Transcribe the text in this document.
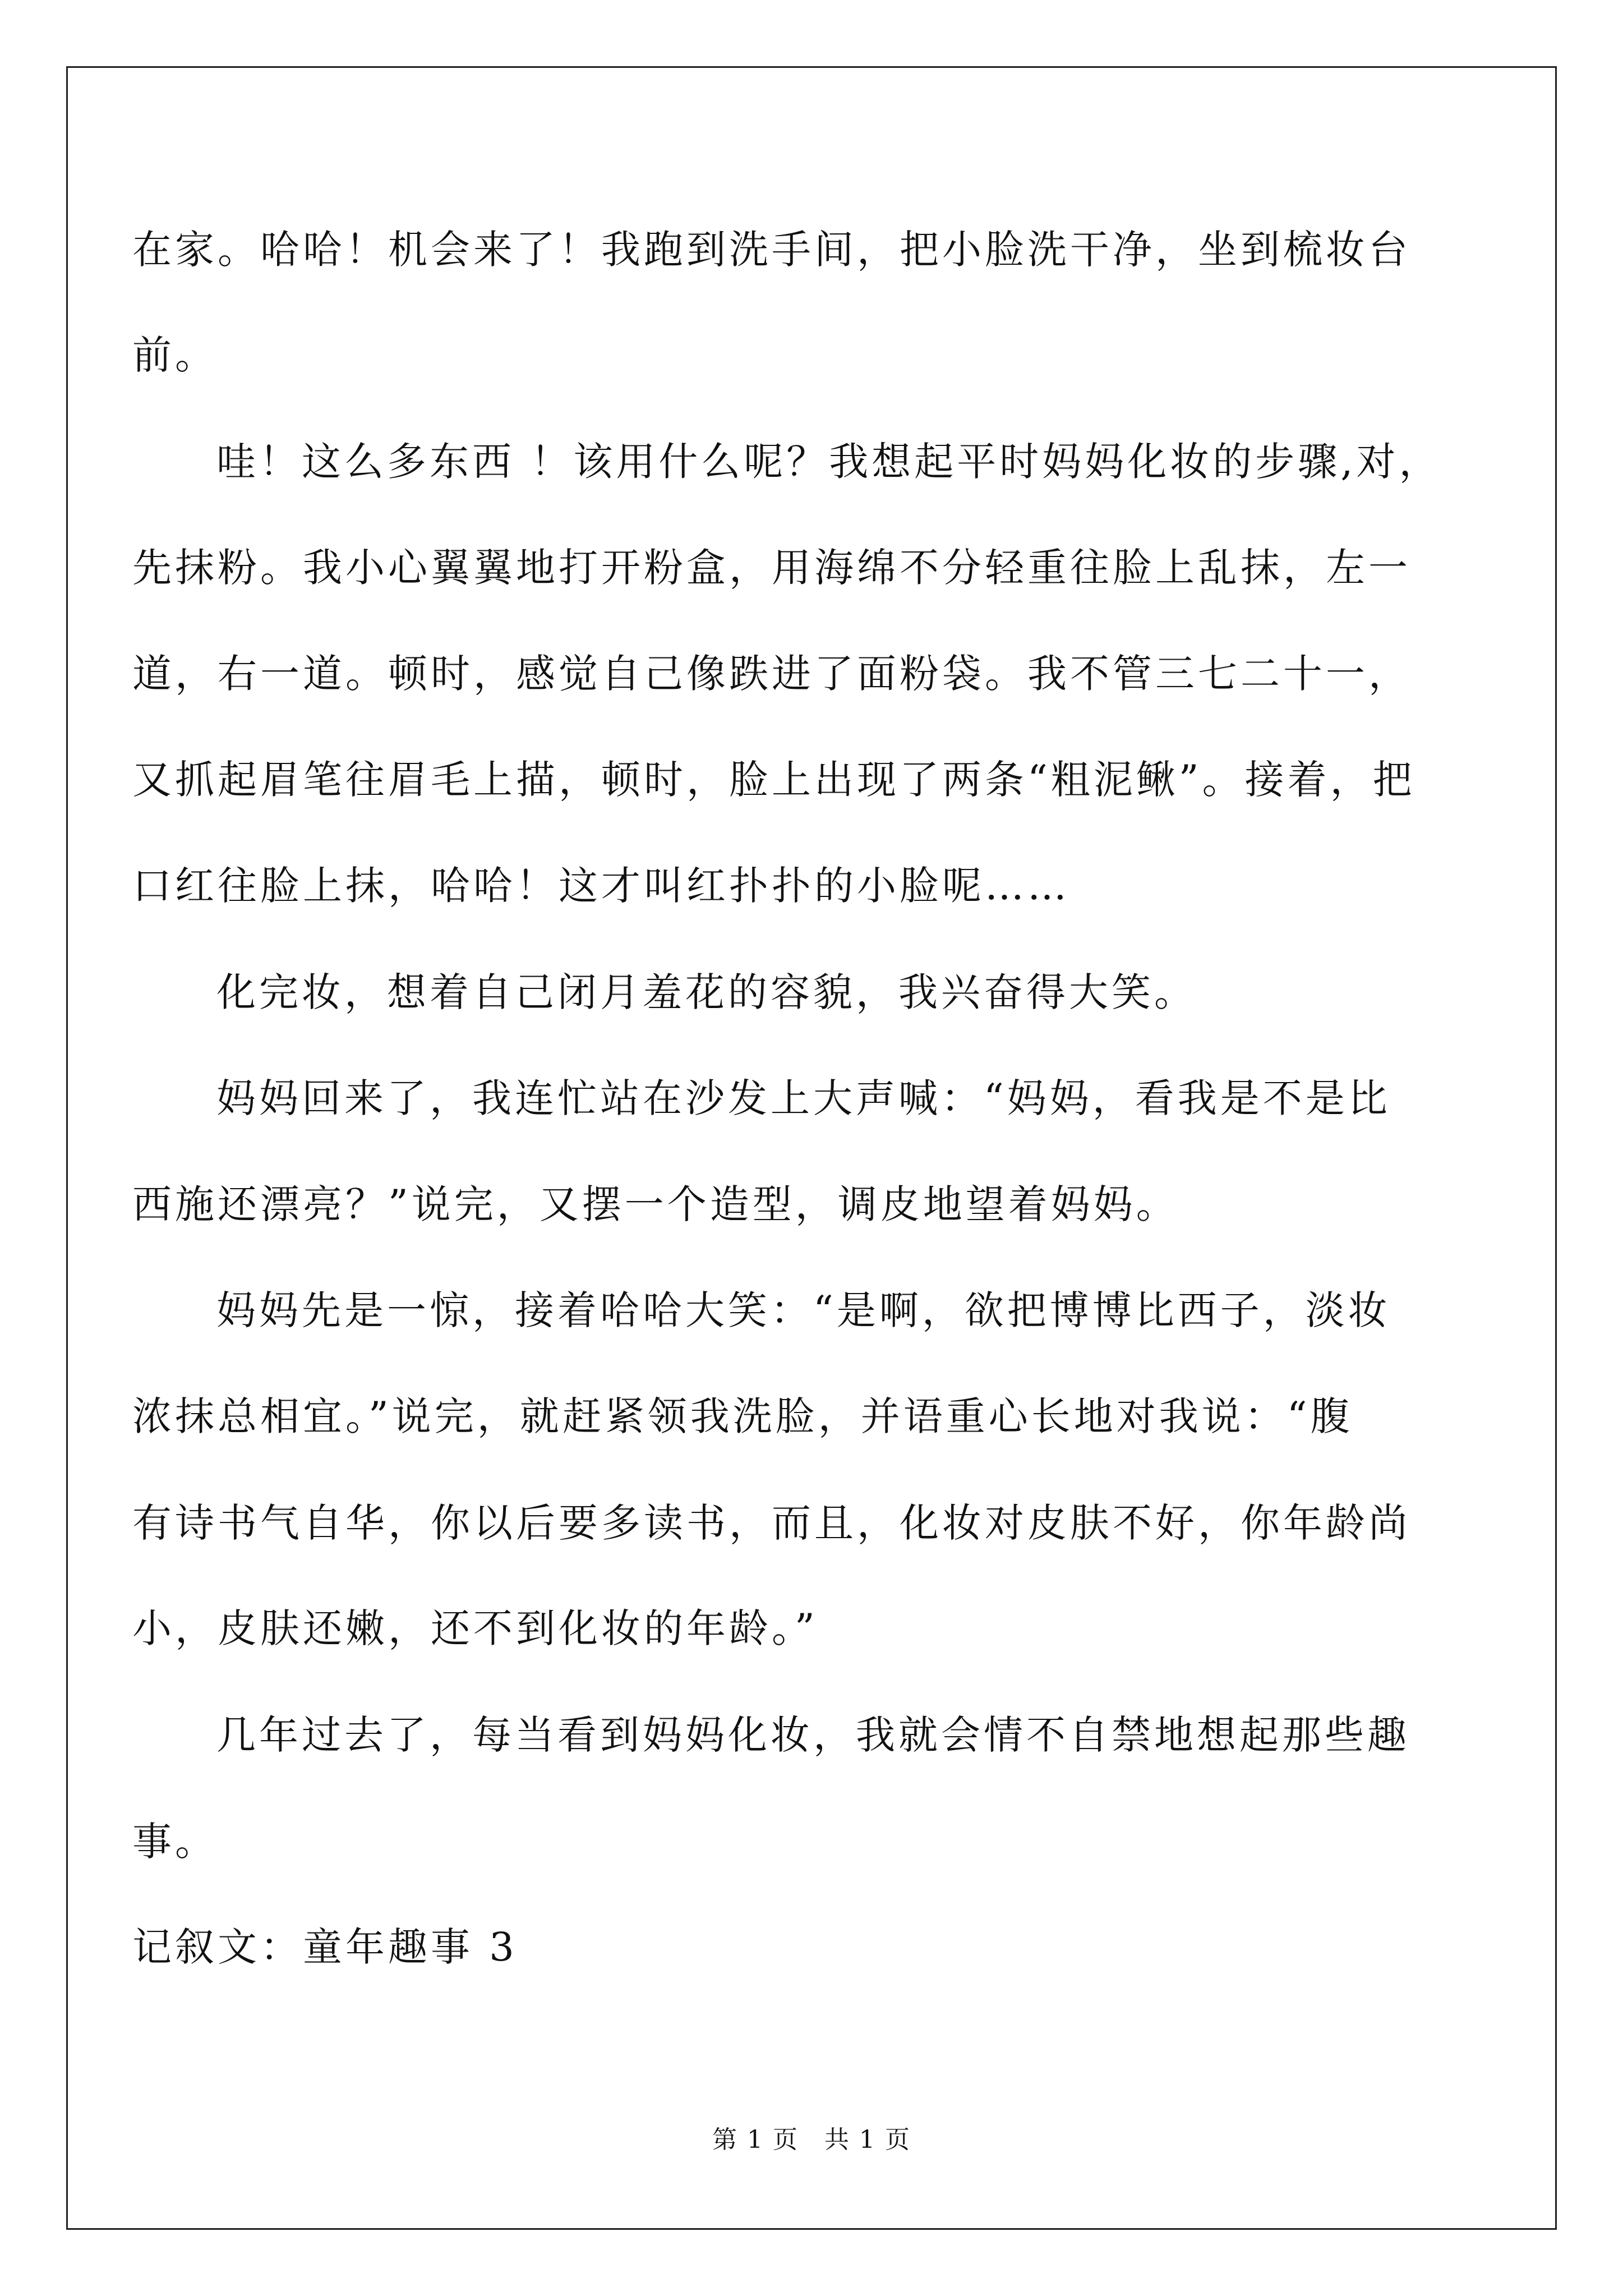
在家。哈哈！机会来了！我跑到洗手间，把小脸洗干净，坐到梳妆台
前。
哇！这么多东西 ！该用什么呢？我想起平时妈妈化妆的步骤,对，
先抹粉。我小心翼翼地打开粉盒，用海绵不分轻重往脸上乱抹，左一
道，右一道。顿时，感觉自己像跌进了面粉袋。我不管三七二十一，
又抓起眉笔往眉毛上描，顿时，脸上出现了两条“粗泥鳅”。接着，把
口红往脸上抹，哈哈！这才叫红扑扑的小脸呢……
化完妆，想着自己闭月羞花的容貌，我兴奋得大笑。
妈妈回来了，我连忙站在沙发上大声喊：“妈妈，看我是不是比
西施还漂亮？”说完，又摆一个造型，调皮地望着妈妈。
妈妈先是一惊，接着哈哈大笑：“是啊，欲把博博比西子，淡妆
浓抹总相宜。”说完，就赶紧领我洗脸，并语重心长地对我说：“腹
有诗书气自华，你以后要多读书，而且，化妆对皮肤不好，你年龄尚
小，皮肤还嫩，还不到化妆的年龄。”
几年过去了，每当看到妈妈化妆，我就会情不自禁地想起那些趣
事。
记叙文：童年趣事 3
第 1 页　共 1 页
